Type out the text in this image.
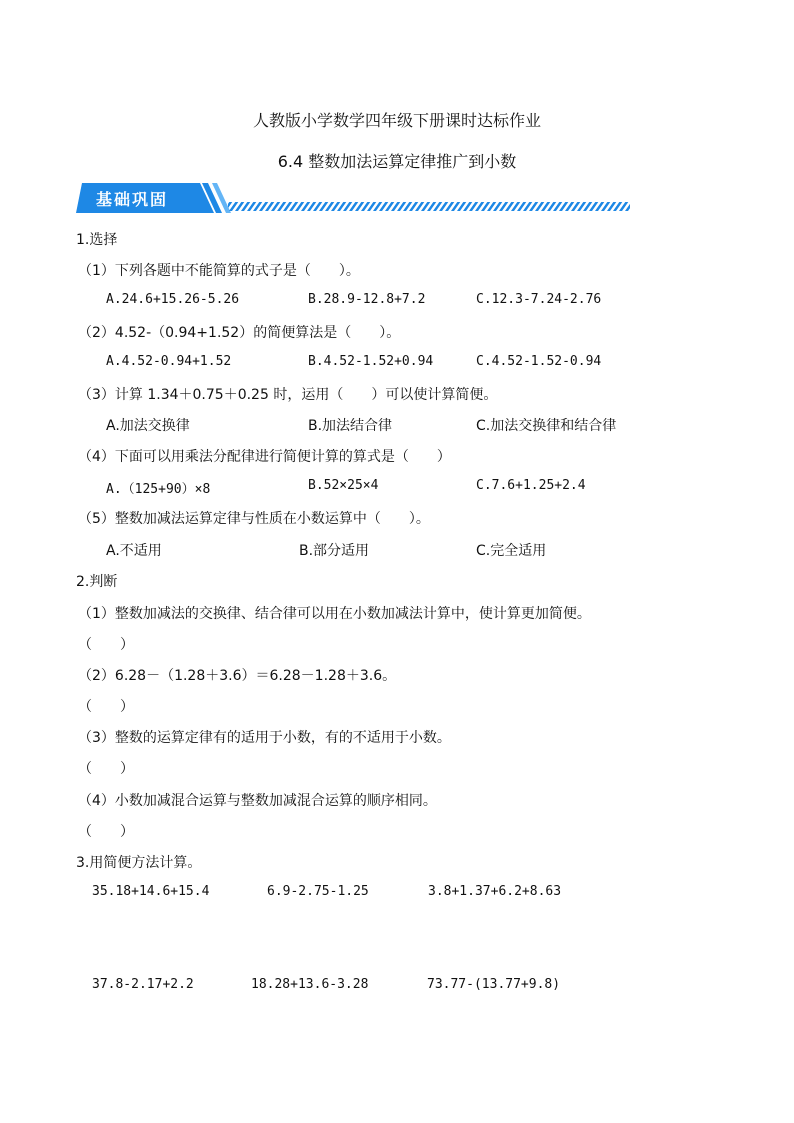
人教版小学数学四年级下册课时达标作业
6.4 整数加法运算定律推广到小数
基础巩固
1.选择
（1）下列各题中不能简算的式子是（　　）。
A.24.6+15.26-5.26	B.28.9-12.8+7.2	C.12.3-7.24-2.76
（2）4.52-（0.94+1.52）的简便算法是（　　）。
A.4.52-0.94+1.52	B.4.52-1.52+0.94	C.4.52-1.52-0.94
（3）计算 1.34＋0.75＋0.25 时，运用（　　）可以使计算简便。
A.加法交换律	B.加法结合律	C.加法交换律和结合律
（4）下面可以用乘法分配律进行简便计算的算式是（　　）
A.（125+90）×8	B.52×25×4	C.7.6+1.25+2.4
（5）整数加减法运算定律与性质在小数运算中（　　）。
A.不适用	B.部分适用	C.完全适用
2.判断
（1）整数加减法的交换律、结合律可以用在小数加减法计算中，使计算更加简便。
（　　）
（2）6.28－（1.28＋3.6）＝6.28－1.28＋3.6。
（　　）
（3）整数的运算定律有的适用于小数，有的不适用于小数。
（　　）
（4）小数加减混合运算与整数加减混合运算的顺序相同。
（　　）
3.用简便方法计算。
35.18+14.6+15.4	6.9-2.75-1.25	3.8+1.37+6.2+8.63
37.8-2.17+2.2	18.28+13.6-3.28	73.77-(13.77+9.8)
